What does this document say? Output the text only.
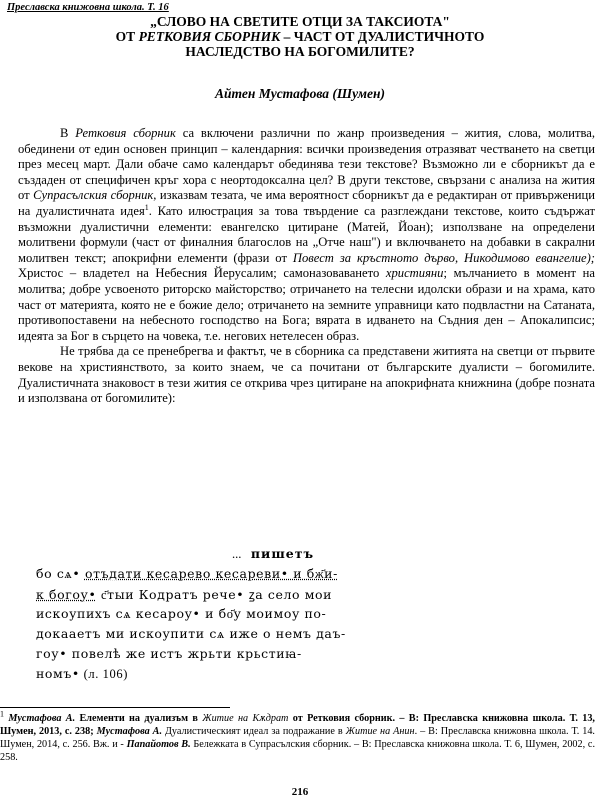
Преславска книжовна школа. Т. 16
„СЛОВО НА СВЕТИТЕ ОТЦИ ЗА ТАКСИОТА"
ОТ РЕТКОВИЯ СБОРНИК – ЧАСТ ОТ ДУАЛИСТИЧНОТО
НАСЛЕДСТВО НА БОГОМИЛИТЕ?
Айтен Мустафова (Шумен)

В Ретковия сборник са включени различни по жанр произведения – жития, слова, молитва, обединени от един основен принцип – календарния: всички произведения отразяват честването на светци през месец март. Дали обаче само календарът обединява тези текстове? Възможно ли е сборникът да е създаден от специфичен кръг хора с неортодоксална цел? В други текстове, свързани с анализа на жития от Супрасълския сборник, изказвам тезата, че има вероятност сборникът да е редактиран от привърженици на дуалистичната идея$^1$. Като илюстрация за това твърдение са разглеждани текстове, които съдържат възможни дуалистични елементи: евангелско цитиране (Матей, Йоан); използване на определени молитвени формули (част от финалния благослов на „Отче наш") и включването на добавки в сакрални молитвен текст; апокрифни елементи (фрази от Повест за кръстното дърво, Никодимово евангелие); Христос – владетел на Небесния Йерусалим; самоназоваването християни; мълчанието в момент на молитва; добре усвоеното риторско майсторство; отричането на телесни идолски образи и на храма, като част от материята, която не е божие дело; отричането на земните управници като подвластни на Сатаната, противопоставени на небесното господство на Бога; вярата в идването на Съдния ден – Апокалипсис; идеята за Бог в сърцето на човека, т.е. негових нетелесен образ.

Не трябва да се пренебрегва и фактът, че в сборника са представени житията на светци от първите векове на християнството, за които знаем, че са почитани от българските дуалисти – богомилите. Дуалистичната знаковост в тези жития се открива чрез цитиране на апокрифната книжнина (добре позната и използвана от богомилите):

... пишетъ
бо сѧ• отъдати кесарево кесареви• и бж҃и-
к богоу• с҃тыи Кодратъ рече• ꙁа село мои
искоупихъ сѧ кесароу• и бо҃у моимоу по-
докааетъ ми искоупити сѧ иже о немъ даъ-
гоу• повелѣ же истъ жрьти крьстиꙗ-
номъ• (л. 106)
$^1$ Мустафова А. Елементи на дуализъм в Житие на Кѫдрат от Ретковия сборник. – В: Преславска книжовна школа. Т. 13, Шумен, 2013, с. 238; Мустафова А. Дуалистическият идеал за подражание в Житие на Анин. – В: Преславска книжовна школа. Т. 14. Шумен, 2014, с. 256. Вж. и - Папайотов В. Бележката в Супрасълския сборник. – В: Преславска книжовна школа. Т. 6, Шумен, 2002, с. 258.
216
